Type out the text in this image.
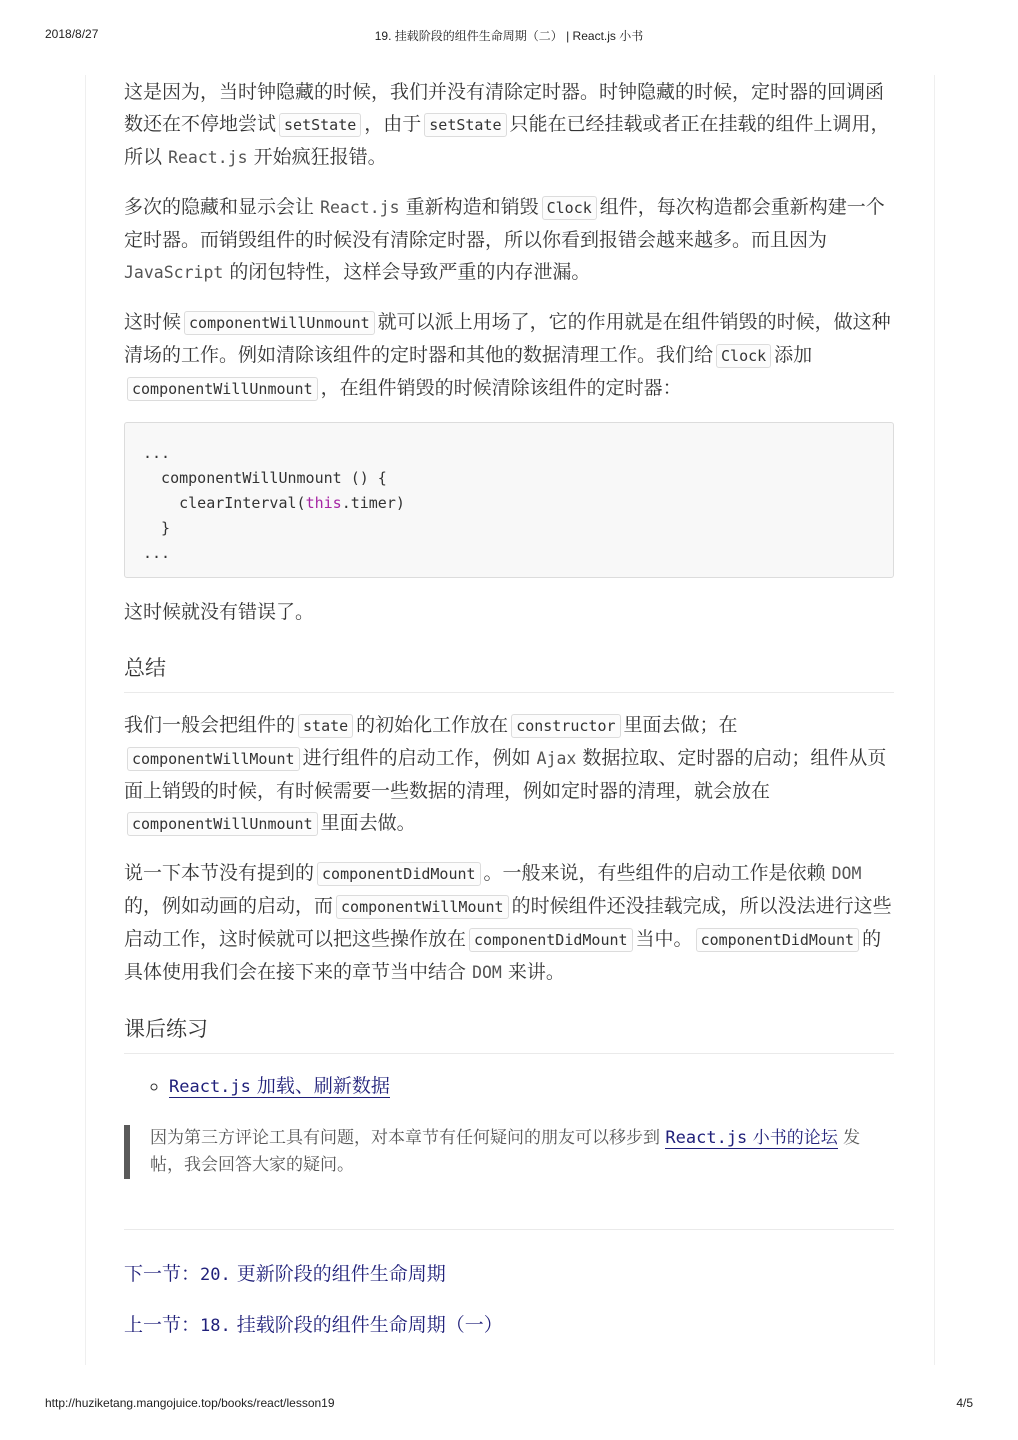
2018/8/27	19. 挂载阶段的组件生命周期（二） | React.js 小书

这是因为，当时钟隐藏的时候，我们并没有清除定时器。时钟隐藏的时候，定时器的回调函数还在不停地尝试 setState ，由于 setState 只能在已经挂载或者正在挂载的组件上调用，所以 React.js 开始疯狂报错。

多次的隐藏和显示会让 React.js 重新构造和销毁 Clock 组件，每次构造都会重新构建一个定时器。而销毁组件的时候没有清除定时器，所以你看到报错会越来越多。而且因为 JavaScript 的闭包特性，这样会导致严重的内存泄漏。

这时候 componentWillUnmount 就可以派上用场了，它的作用就是在组件销毁的时候，做这种清场的工作。例如清除该组件的定时器和其他的数据清理工作。我们给 Clock 添加componentWillUnmount ，在组件销毁的时候清除该组件的定时器：

...
componentWillUnmount () {
clearInterval(this.timer)
}
...

这时候就没有错误了。

总结

我们一般会把组件的 state 的初始化工作放在 constructor 里面去做；在componentWillMount 进行组件的启动工作，例如 Ajax 数据拉取、定时器的启动；组件从页面上销毁的时候，有时候需要一些数据的清理，例如定时器的清理，就会放在componentWillUnmount 里面去做。

说一下本节没有提到的 componentDidMount 。一般来说，有些组件的启动工作是依赖 DOM 的，例如动画的启动，而 componentWillMount 的时候组件还没挂载完成，所以没法进行这些启动工作，这时候就可以把这些操作放在 componentDidMount 当中。 componentDidMount 的具体使用我们会在接下来的章节当中结合 DOM 来讲。

课后练习
◦ React.js 加载、刷新数据
因为第三方评论工具有问题，对本章节有任何疑问的朋友可以移步到 React.js 小书的论坛 发帖，我会回答大家的疑问。
下一节：20. 更新阶段的组件生命周期
上一节：18. 挂载阶段的组件生命周期（一）
http://huziketang.mangojuice.top/books/react/lesson19	4/5
